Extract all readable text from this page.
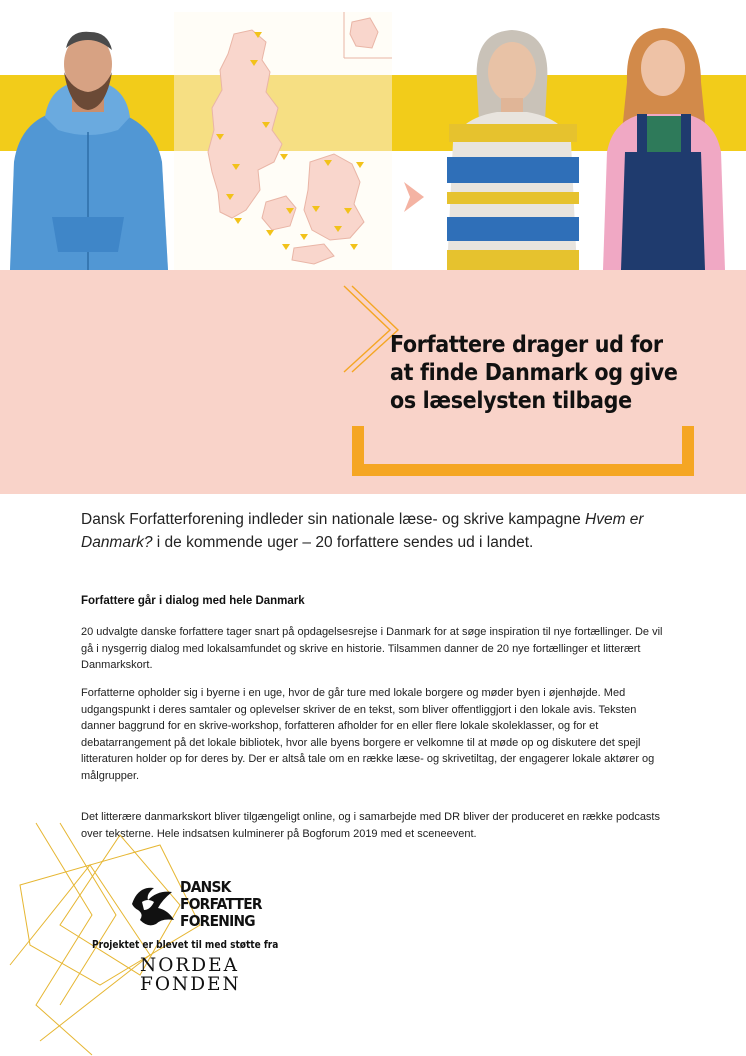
Forfattere drager ud for
at finde Danmark og give
os læselysten tilbage
Dansk Forfatterforening indleder sin nationale læse- og skrive kampagne Hvem er Danmark? i de kommende uger – 20 forfattere sendes ud i landet.
Forfattere går i dialog med hele Danmark

20 udvalgte danske forfattere tager snart på opdagelsesrejse i Danmark for at søge inspiration til nye fortællinger. De vil gå i nysgerrig dialog med lokalsamfundet og skrive en historie. Tilsammen danner de 20 nye fortællinger et litterært Danmarkskort.

Forfatterne opholder sig i byerne i en uge, hvor de går ture med lokale borgere og møder byen i øjenhøjde. Med udgangspunkt i deres samtaler og oplevelser skriver de en tekst, som bliver offentliggjort i den lokale avis. Teksten danner baggrund for en skrive-workshop, forfatteren afholder for en eller flere lokale skoleklasser, og for et debatarrangement på det lokale bibliotek, hvor alle byens borgere er velkomne til at møde op og diskutere det spejl litteraturen holder op for deres by. Der er altså tale om en række læse- og skrivetiltag, der engagerer lokale aktører og målgrupper.

Det litterære danmarkskort bliver tilgængeligt online, og i samarbejde med DR bliver der produceret en række podcasts over teksterne. Hele indsatsen kulminerer på Bogforum 2019 med et sceneevent.

DANSK
FORFATTER
FORENING
Projektet er blevet til med støtte fra
NORDEA
FONDEN
